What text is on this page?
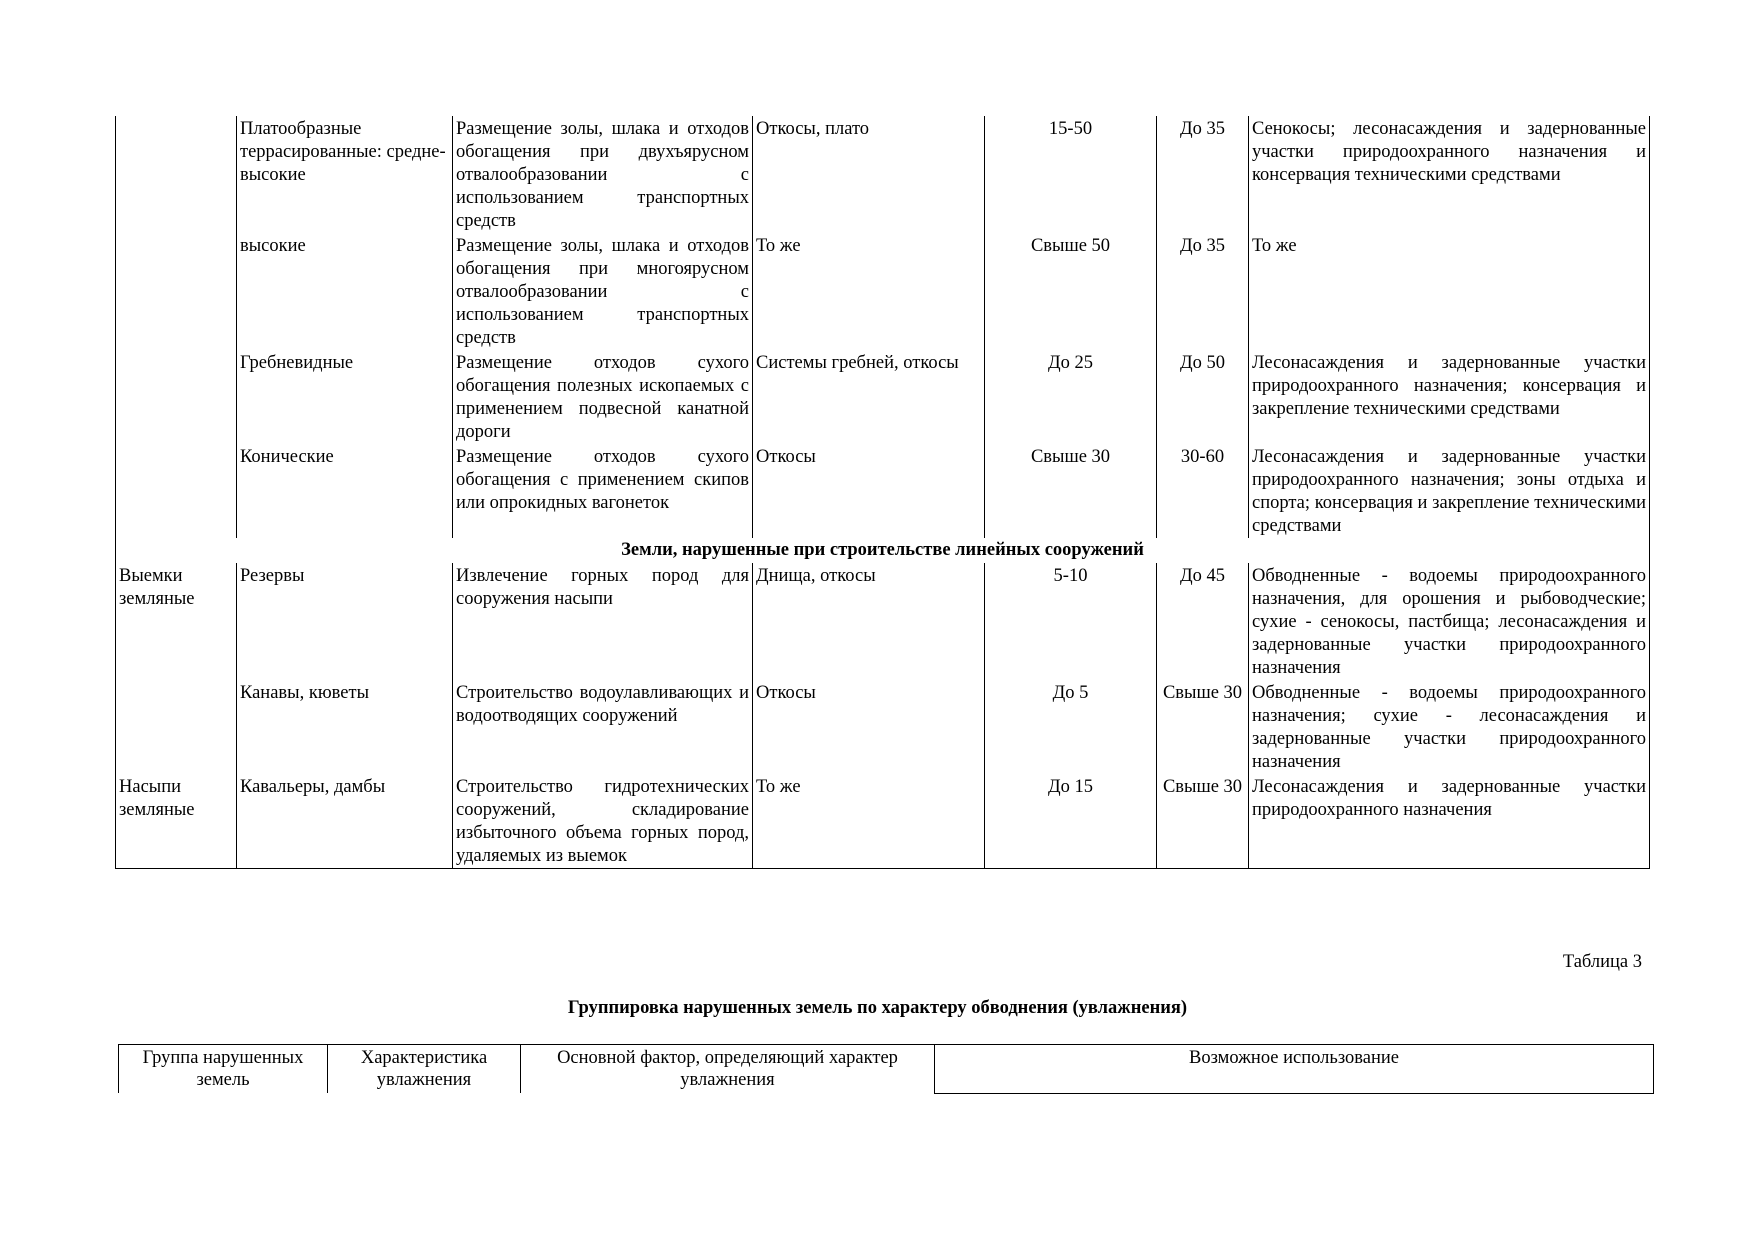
	Платообразные террасированные: средне-высокие	Размещение золы, шлака и отходов обогащения при двухъярусном отвалообразовании с использованием транспортных средств	Откосы, плато	15-50	До 35	Сенокосы; лесонасаждения и задернованные участки природоохранного назначения и консервация техническими средствами
	высокие	Размещение золы, шлака и отходов обогащения при многоярусном отвалообразовании с использованием транспортных средств	То же	Свыше 50	До 35	То же
	Гребневидные	Размещение отходов сухого обогащения полезных ископаемых с применением подвесной канатной дороги	Системы гребней, откосы	До 25	До 50	Лесонасаждения и задернованные участки природоохранного назначения; консервация и закрепление техническими средствами
	Конические	Размещение отходов сухого обогащения с применением скипов или опрокидных вагонеток	Откосы	Свыше 30	30-60	Лесонасаждения и задернованные участки природоохранного назначения; зоны отдыха и спорта; консервация и закрепление техническими средствами
Земли, нарушенные при строительстве линейных сооружений						
Выемки земляные	Резервы	Извлечение горных пород для сооружения насыпи	Днища, откосы	5-10	До 45	Обводненные - водоемы природоохранного назначения, для орошения и рыбоводческие; сухие - сенокосы, пастбища; лесонасаждения и задернованные участки природоохранного назначения
	Канавы, кюветы	Строительство водоулавливающих и водоотводящих сооружений	Откосы	До 5	Свыше 30	Обводненные - водоемы природоохранного назначения; сухие - лесонасаждения и задернованные участки природоохранного назначения
Насыпи земляные	Кавальеры, дамбы	Строительство гидротехнических сооружений, складирование избыточного объема горных пород, удаляемых из выемок	То же	До 15	Свыше 30	Лесонасаждения и задернованные участки природоохранного назначения
Таблица 3
Группировка нарушенных земель по характеру обводнения (увлажнения)
Группа нарушенных земель	Характеристика увлажнения	Основной фактор, определяющий характер увлажнения	Возможное использование
